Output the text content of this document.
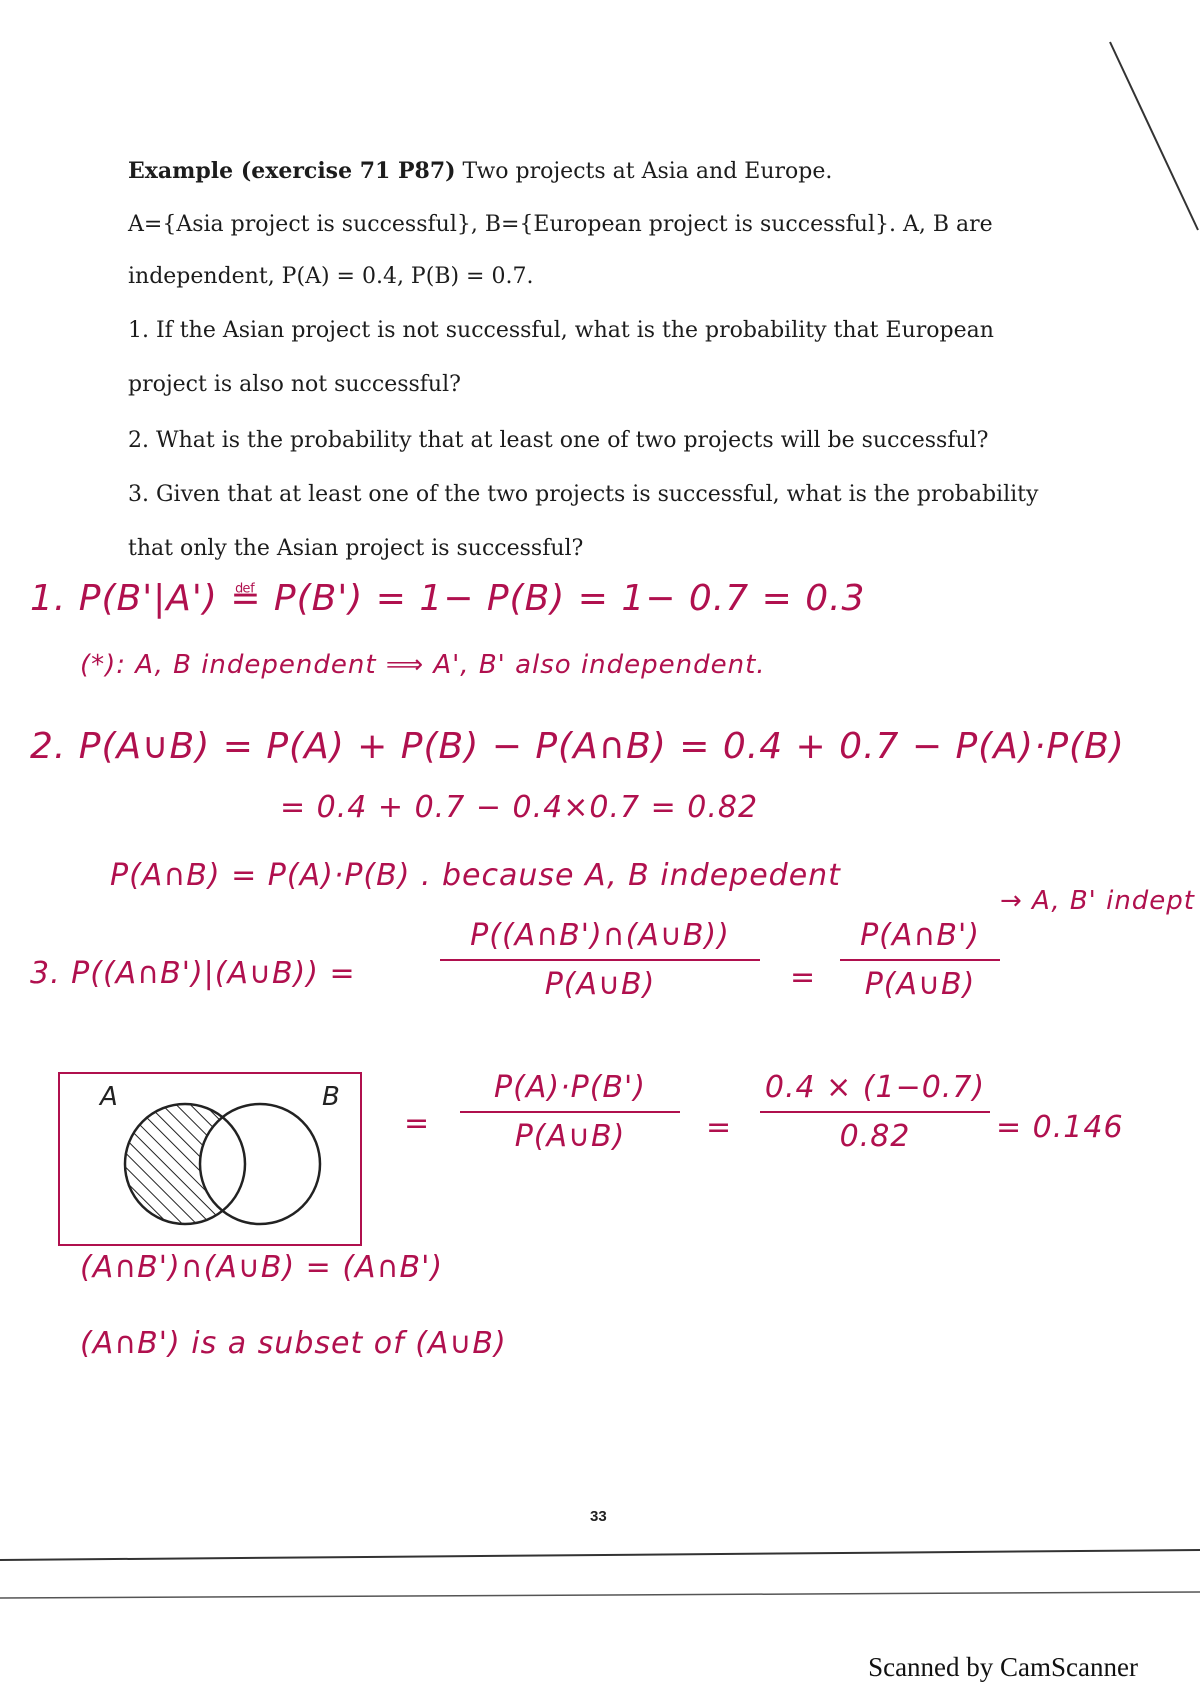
Example (exercise 71 P87) Two projects at Asia and Europe.
A={Asia project is successful}, B={European project is successful}. A, B are
independent, P(A) = 0.4, P(B) = 0.7.
1. If the Asian project is not successful, what is the probability that European
project is also not successful?
2. What is the probability that at least one of two projects will be successful?
3. Given that at least one of the two projects is successful, what is the probability
that only the Asian project is successful?
1. P(B'|A') ≝ P(B') = 1− P(B) = 1− 0.7 = 0.3
(*): A, B independent ⟹ A', B' also independent.
2. P(A∪B) = P(A) + P(B) − P(A∩B) = 0.4 + 0.7 − P(A)·P(B)
= 0.4 + 0.7 − 0.4×0.7 = 0.82
P(A∩B) = P(A)·P(B) . because A, B indepedent
→ A, B' indept
3. P((A∩B')|(A∪B)) =
P((A∩B')∩(A∪B))
P(A∪B)	=
P(A∩B')
P(A∪B)
A	B
=
P(A)·P(B')
P(A∪B)	=
0.4 × (1−0.7)
0.82	= 0.146
(A∩B')∩(A∪B) = (A∩B')
(A∩B') is a subset of (A∪B)
33
Scanned by CamScanner
